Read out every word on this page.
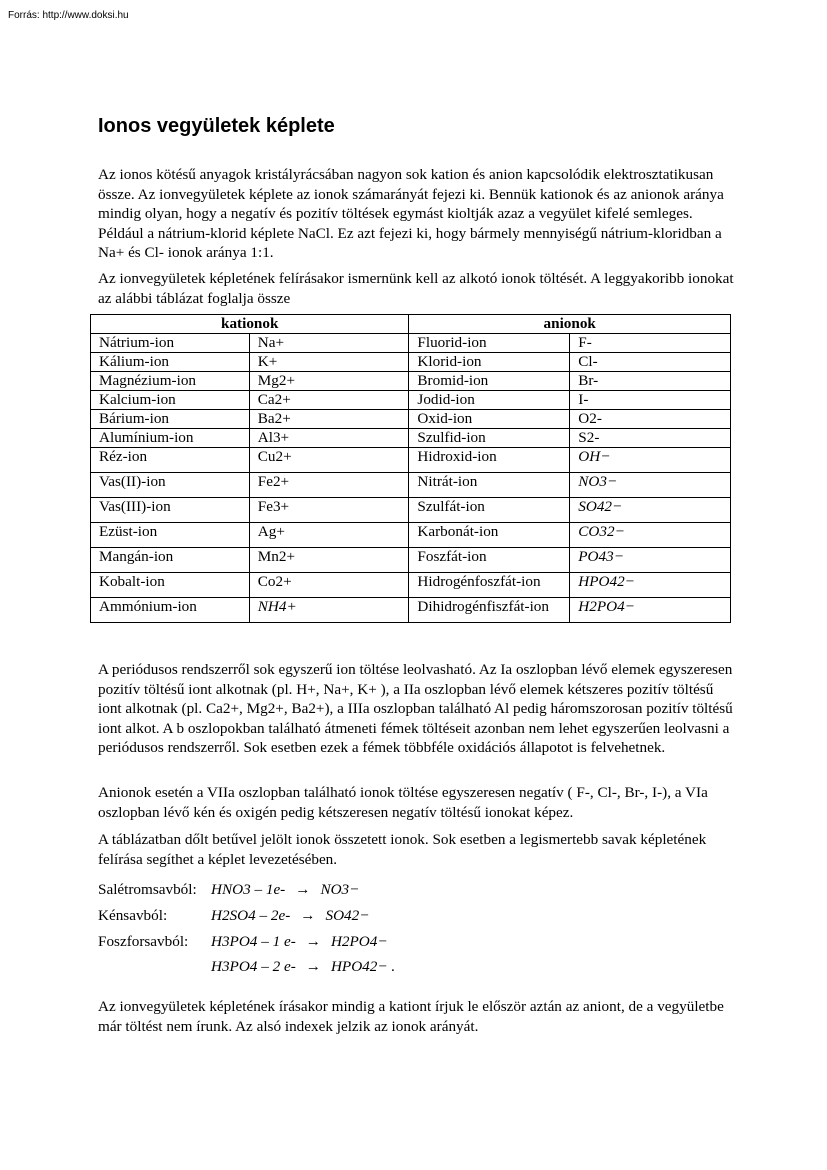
Forrás: http://www.doksi.hu
Ionos vegyületek képlete

Az ionos kötésű anyagok kristályrácsában nagyon sok kation és anion kapcsolódik elektrosztatikusan össze. Az ionvegyületek képlete az ionok számarányát fejezi ki. Bennük kationok és az anionok aránya mindig olyan, hogy a negatív és pozitív töltések egymást kioltják azaz a vegyület kifelé semleges. Például a nátrium-klorid képlete NaCl. Ez azt fejezi ki, hogy bármely mennyiségű nátrium-kloridban a Na+ és Cl- ionok aránya 1:1.

Az ionvegyületek képletének felírásakor ismernünk kell az alkotó ionok töltését. A leggyakoribb ionokat az alábbi táblázat foglalja össze

kationok		anionok	
Nátrium-ion	Na+	Fluorid-ion	F-
Kálium-ion	K+	Klorid-ion	Cl-
Magnézium-ion	Mg2+	Bromid-ion	Br-
Kalcium-ion	Ca2+	Jodid-ion	I-
Bárium-ion	Ba2+	Oxid-ion	O2-
Alumínium-ion	Al3+	Szulfid-ion	S2-
Réz-ion	Cu2+	Hidroxid-ion	OH−
Vas(II)-ion	Fe2+	Nitrát-ion	NO3−
Vas(III)-ion	Fe3+	Szulfát-ion	SO42−
Ezüst-ion	Ag+	Karbonát-ion	CO32−
Mangán-ion	Mn2+	Foszfát-ion	PO43−
Kobalt-ion	Co2+	Hidrogénfoszfát-ion	HPO42−
Ammónium-ion	NH4+	Dihidrogénfiszfát-ion	H2PO4−

A periódusos rendszerről sok egyszerű ion töltése leolvasható. Az Ia oszlopban lévő elemek egyszeresen pozitív töltésű iont alkotnak (pl. H+, Na+, K+ ), a IIa oszlopban lévő elemek kétszeres pozitív töltésű iont alkotnak (pl. Ca2+, Mg2+, Ba2+), a IIIa oszlopban található Al pedig háromszorosan pozitív töltésű iont alkot. A b oszlopokban található átmeneti fémek töltéseit azonban nem lehet egyszerűen leolvasni a periódusos rendszerről. Sok esetben ezek a fémek többféle oxidációs állapotot is felvehetnek.

Anionok esetén a VIIa oszlopban található ionok töltése egyszeresen negatív ( F-, Cl-, Br-, I-), a VIa oszlopban lévő kén és oxigén pedig kétszeresen negatív töltésű ionokat képez.

A táblázatban dőlt betűvel jelölt ionok összetett ionok. Sok esetben a legismertebb savak képletének felírása segíthet a képlet levezetésében.

Salétromsavból: HNO3 – 1e- → NO3−

Kénsavból:	H2SO4 – 2e- → SO42−

Foszforsavból: H3PO4 – 1 e- → H2PO4−

H3PO4 – 2 e- → HPO42− .

Az ionvegyületek képletének írásakor mindig a kationt írjuk le először aztán az aniont, de a vegyületbe már töltést nem írunk. Az alsó indexek jelzik az ionok arányát.
